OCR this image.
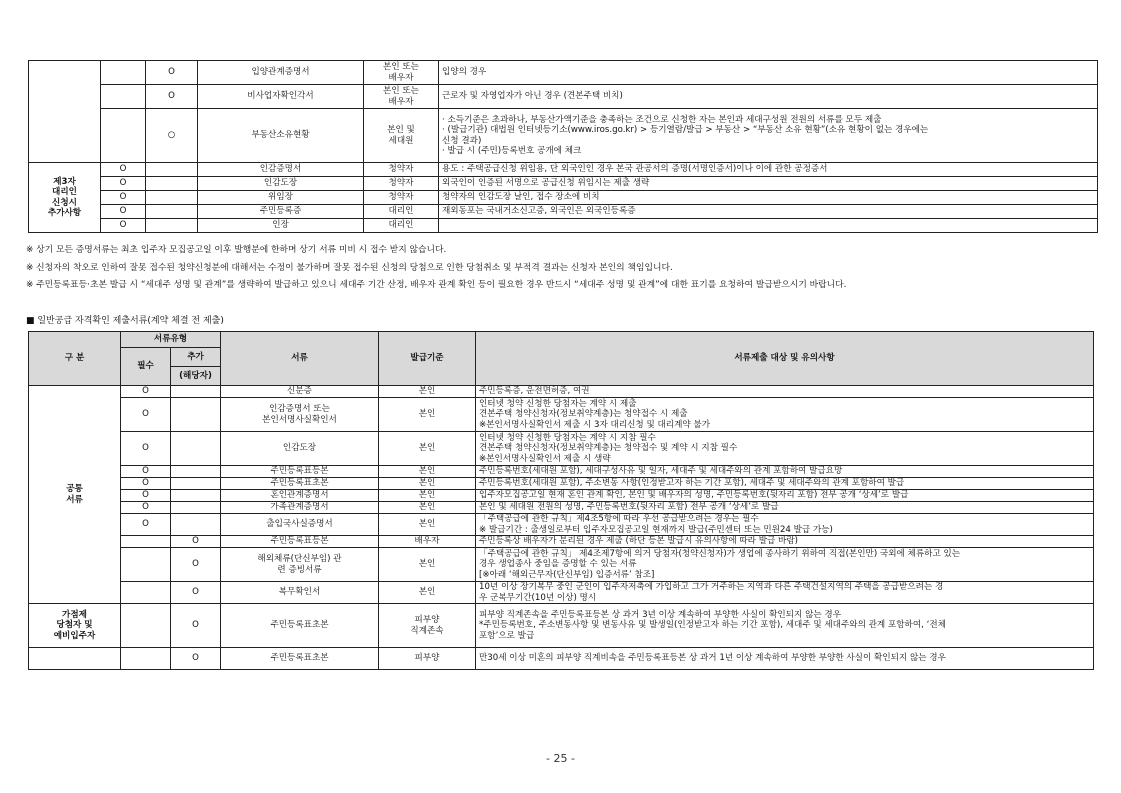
		O	입양관계증명서	본인 또는
배우자	입양의 경우

		O	비사업자확인각서	본인 또는
배우자	근로자 및 자영업자가 아닌 경우 (견본주택 비치)

		○	부동산소유현황	본인 및
세대원	· 소득기준은 초과하나, 부동산가액기준을 충족하는 조건으로 신청한 자는 본인과 세대구성원 전원의 서류를 모두 제출
· (발급기관) 대법원 인터넷등기소(www.iros.go.kr) > 등기열람/발급 > 부동산 > “부동산 소유 현황”(소유 현황이 없는 경우에는
신청 결과)
· 발급 시 (주민)등록번호 공개에 체크

제3자
대리인
신청시
추가사항	O		인감증명서	청약자	용도 : 주택공급신청 위임용, 단 외국인인 경우 본국 관공서의 증명(서명인증서)이나 이에 관한 공정증서
	O		인감도장	청약자	외국인이 인증된 서명으로 공급신청 위임시는 제출 생략
	O		위임장	청약자	청약자의 인감도장 날인, 접수 장소에 비치
	O		주민등록증	대리인	재외동포는 국내거소신고증, 외국인은 외국인등록증
	O		인장	대리인	
※ 상기 모든 증명서류는 최초 입주자 모집공고일 이후 발행분에 한하며 상기 서류 미비 시 접수 받지 않습니다.
※ 신청자의 착오로 인하여 잘못 접수된 청약신청분에 대해서는 수정이 불가하며 잘못 접수된 신청의 당첨으로 인한 당첨취소 및 부적격 결과는 신청자 본인의 책임입니다.
※ 주민등록표등·초본 발급 시 “세대주 성명 및 관계”를 생략하여 발급하고 있으니 세대주 기간 산정, 배우자 관계 확인 등이 필요한 경우 반드시 “세대주 성명 및 관계”에 대한 표기를 요청하여 발급받으시기 바랍니다.
■ 일반공급 자격확인 제출서류(계약 체결 전 제출)
구 분	서류유형		서류	발급기준	서류제출 대상 및 유의사항
	필수	추가			
		(해당자)			

공통
서류	O		신분증	본인	주민등록증, 운전면허증, 여권

	O		인감증명서 또는
본인서명사실확인서	본인	인터넷 청약 신청한 당첨자는 계약 시 제출
견본주택 청약신청자(정보취약계층)는 청약접수 시 제출
※본인서명사실확인서 제출 시 3자 대리신청 및 대리계약 불가

	O		인감도장	본인	인터넷 청약 신청한 당첨자는 계약 시 지참 필수
견본주택 청약신청자(정보취약계층)는 청약접수 및 계약 시 지참 필수
※본인서명사실확인서 제출 시 생략

	O		주민등록표등본	본인	주민등록번호(세대원 포함), 세대구성사유 및 일자, 세대주 및 세대주와의 관계 포함하여 발급요망

	O		주민등록표초본	본인	주민등록번호(세대원 포함), 주소변동 사항(인정받고자 하는 기간 포함), 세대주 및 세대주와의 관계 포함하여 발급

	O		혼인관계증명서	본인	입주자모집공고일 현재 혼인 관계 확인, 본인 및 배우자의 성명, 주민등록번호(뒷자리 포함) 전부 공개 ‘상세’로 발급

	O		가족관계증명서	본인	본인 및 세대원 전원의 성명, 주민등록번호(뒷자리 포함) 전부 공개 ‘상세’로 발급

	O		출입국사실증명서	본인	「주택공급에 관한 규칙」제4조5항에 따라 우선 공급받으려는 경우는 필수
※ 발급기간 : 출생일로부터 입주자모집공고일 현재까지 발급(주민센터 또는 민원24 발급 가능)

		O	주민등록표등본	배우자	주민등록상 배우자가 분리된 경우 제출 (하단 등본 발급시 유의사항에 따라 발급 바람)

		O	해외체류(단신부임) 관
련 증빙서류	본인	「주택공급에 관한 규칙」 제4조제7항에 의거 당첨자(청약신청자)가 생업에 종사하기 위하여 직접(본인만) 국외에 체류하고 있는
경우 생업종사 중임을 증명할 수 있는 서류
[※아래 ‘해외근무자(단신부임) 입증서류’ 참조]

		O	복무확인서	본인	10년 이상 장기복무 중인 군인이 입주자저축에 가입하고 그가 거주하는 지역과 다른 주택건설지역의 주택을 공급받으려는 경
우 군복무기간(10년 이상) 명시

가점제
당첨자 및
예비입주자		O	주민등록표초본	피부양
직계존속	피부양 직계존속을 주민등록표등본 상 과거 3년 이상 계속하여 부양한 사실이 확인되지 않는 경우
*주민등록번호, 주소변동사항 및 변동사유 및 발생일(인정받고자 하는 기간 포함), 세대주 및 세대주와의 관계 포함하여, ‘전체
포함’으로 발급

		O	주민등록표초본	피부양	만30세 이상 미혼의 피부양 직계비속을 주민등록표등본 상 과거 1년 이상 계속하여 부양한 부양한 사실이 확인되지 않는 경우
- 25 -
